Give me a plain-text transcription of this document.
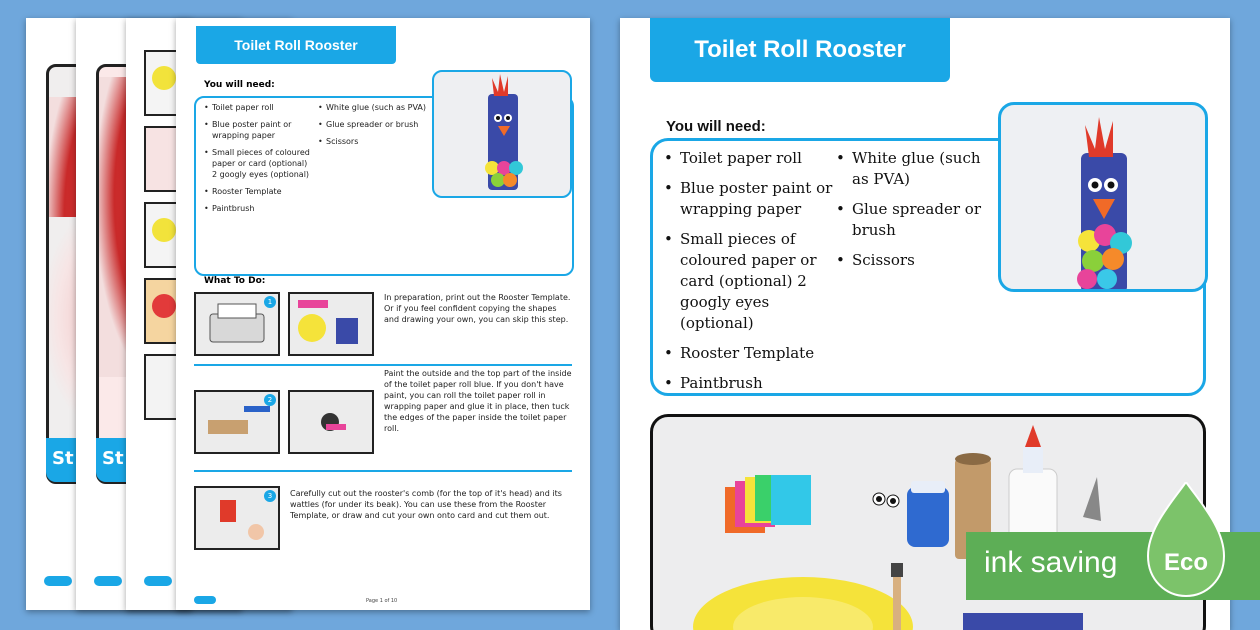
St	St
Toilet Roll Rooster
You will need:
• Toilet paper roll
• Blue poster paint or wrapping paper
• Small pieces of coloured paper or card (optional) 2 googly eyes (optional)
• Rooster Template
• Paintbrush
• White glue (such as PVA)
• Glue spreader or brush
• Scissors
What To Do:
1	In preparation, print out the Rooster Template. Or if you feel confident copying the shapes and drawing your own, you can skip this step.
2
Paint the outside and the top part of the inside of the toilet paper roll blue. If you don't have paint, you can roll the toilet paper roll in wrapping paper and glue it in place, then tuck the edges of the paper inside the toilet paper roll.
3	Carefully cut out the rooster's comb (for the top of it's head) and its wattles (for under its beak). You can use these from the Rooster Template, or draw and cut your own onto card and cut them out.
Page 1 of 10
Toilet Roll Rooster
You will need:
• Toilet paper roll
• Blue poster paint or wrapping paper
• Small pieces of coloured paper or card (optional) 2 googly eyes (optional)
• Rooster Template
• Paintbrush
• White glue (such as PVA)
• Glue spreader or brush
• Scissors
ink saving Eco
